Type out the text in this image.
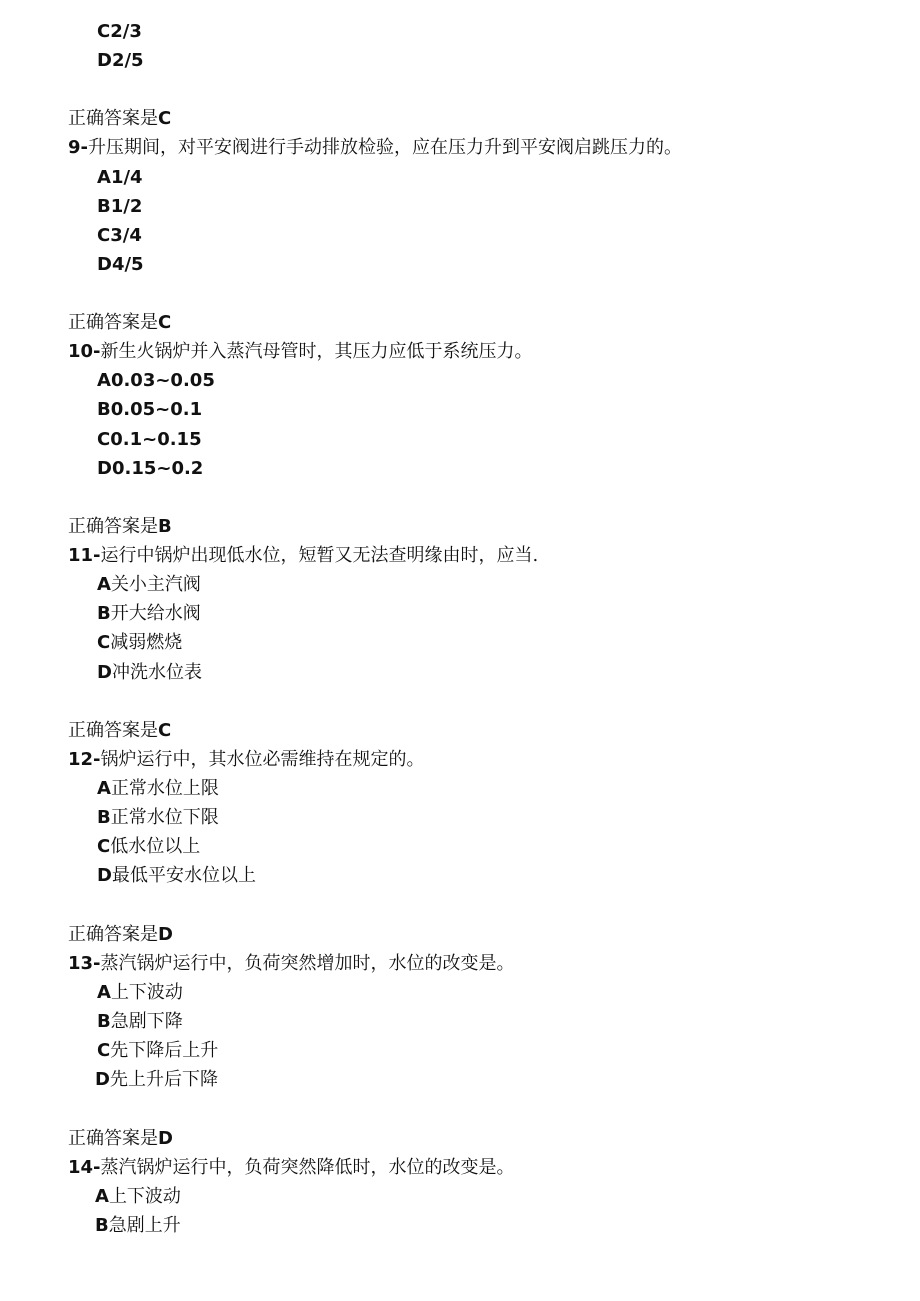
C2/3
D2/5
正确答案是C
9-升压期间，对平安阀进行手动排放检验，应在压力升到平安阀启跳压力的。
A1/4
B1/2
C3/4
D4/5
正确答案是C
10-新生火锅炉并入蒸汽母管时，其压力应低于系统压力。
A0.03~0.05
B0.05~0.1
C0.1~0.15
D0.15~0.2
正确答案是B
11-运行中锅炉出现低水位，短暂又无法查明缘由时，应当.
A关小主汽阀
B开大给水阀
C减弱燃烧
D冲洗水位表
正确答案是C
12-锅炉运行中，其水位必需维持在规定的。
A正常水位上限
B正常水位下限
C低水位以上
D最低平安水位以上
正确答案是D
13-蒸汽锅炉运行中，负荷突然增加时，水位的改变是。
A上下波动
B急剧下降
C先下降后上升
D先上升后下降
正确答案是D
14-蒸汽锅炉运行中，负荷突然降低时，水位的改变是。
A上下波动
B急剧上升
